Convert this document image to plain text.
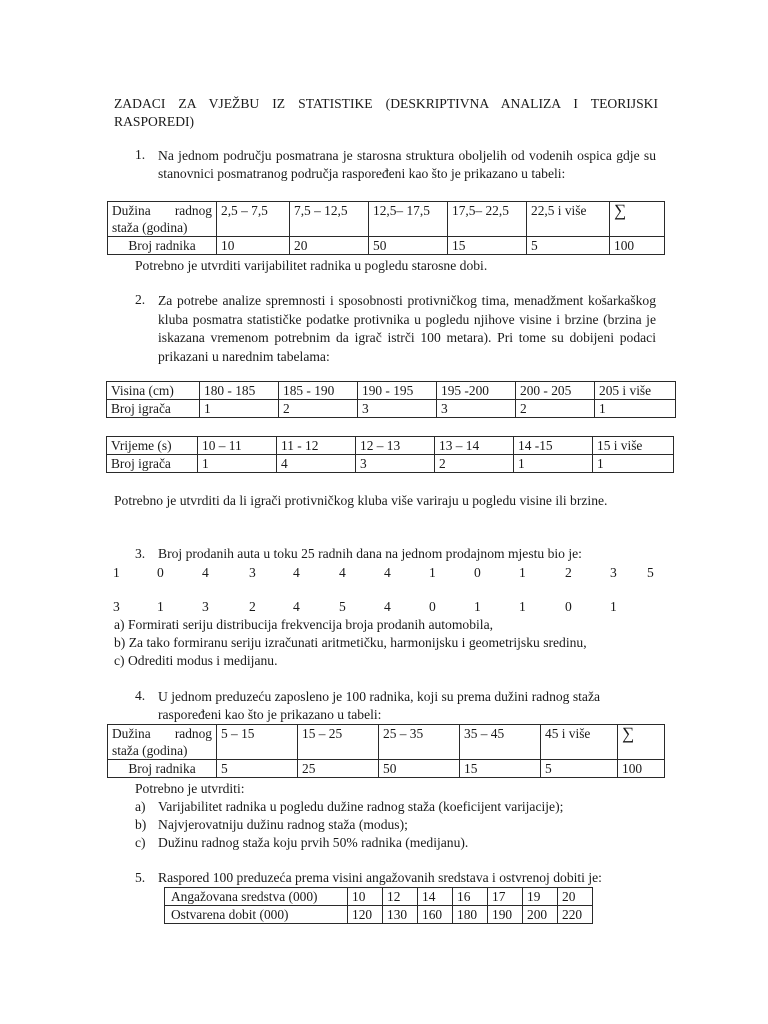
ZADACI ZA VJEŽBU IZ STATISTIKE (DESKRIPTIVNA ANALIZA I TEORIJSKI RASPOREDI)
1. Na jednom području posmatrana je starosna struktura oboljelih od vodenih ospica gdje su stanovnici posmatranog područja raspoređeni kao što je prikazano u tabeli:
Dužina radnog staža (godina)	2,5 – 7,5	7,5 – 12,5	12,5– 17,5	17,5– 22,5	22,5 i više	∑
Broj radnika	10	20	50	15	5	100
Potrebno je utvrditi varijabilitet radnika u pogledu starosne dobi.
2. Za potrebe analize spremnosti i sposobnosti protivničkog tima, menadžment košarkaškog kluba posmatra statističke podatke protivnika u pogledu njihove visine i brzine (brzina je iskazana vremenom potrebnim da igrač istrči 100 metara). Pri tome su dobijeni podaci prikazani u narednim tabelama:
Visina (cm)	180 - 185	185 - 190	190 - 195	195 -200	200 - 205	205 i više
Broj igrača	1	2	3	3	2	1
Vrijeme (s)	10 – 11	11 - 12	12 – 13	13 – 14	14 -15	15 i više
Broj igrača	1	4	3	2	1	1
Potrebno je utvrditi da li igrači protivničkog kluba više variraju u pogledu visine ili brzine.
3. Broj prodanih auta u toku 25 radnih dana na jednom prodajnom mjestu bio je:
1	0	4	3	4	4	4	1	0	1	2	3 5
3	1	3	2	4	5	4	0	1	1	0	1
a) Formirati seriju distribucija frekvencija broja prodanih automobila,
b) Za tako formiranu seriju izračunati aritmetičku, harmonijsku i geometrijsku sredinu,
c) Odrediti modus i medijanu.
4. U jednom preduzeću zaposleno je 100 radnika, koji su prema dužini radnog staža raspoređeni kao što je prikazano u tabeli:
Dužina radnog staža (godina)	5 – 15	15 – 25	25 – 35	35 – 45	45 i više	∑
Broj radnika	5	25	50	15	5	100
Potrebno je utvrditi:
a) Varijabilitet radnika u pogledu dužine radnog staža (koeficijent varijacije);
b) Najvjerovatniju dužinu radnog staža (modus);
c) Dužinu radnog staža koju prvih 50% radnika (medijanu).
5. Raspored 100 preduzeća prema visini angažovanih sredstava i ostvrenoj dobiti je:
Angažovana sredstva (000)	10	12	14	16	17	19	20
Ostvarena dobit (000)	120	130	160	180	190	200	220
